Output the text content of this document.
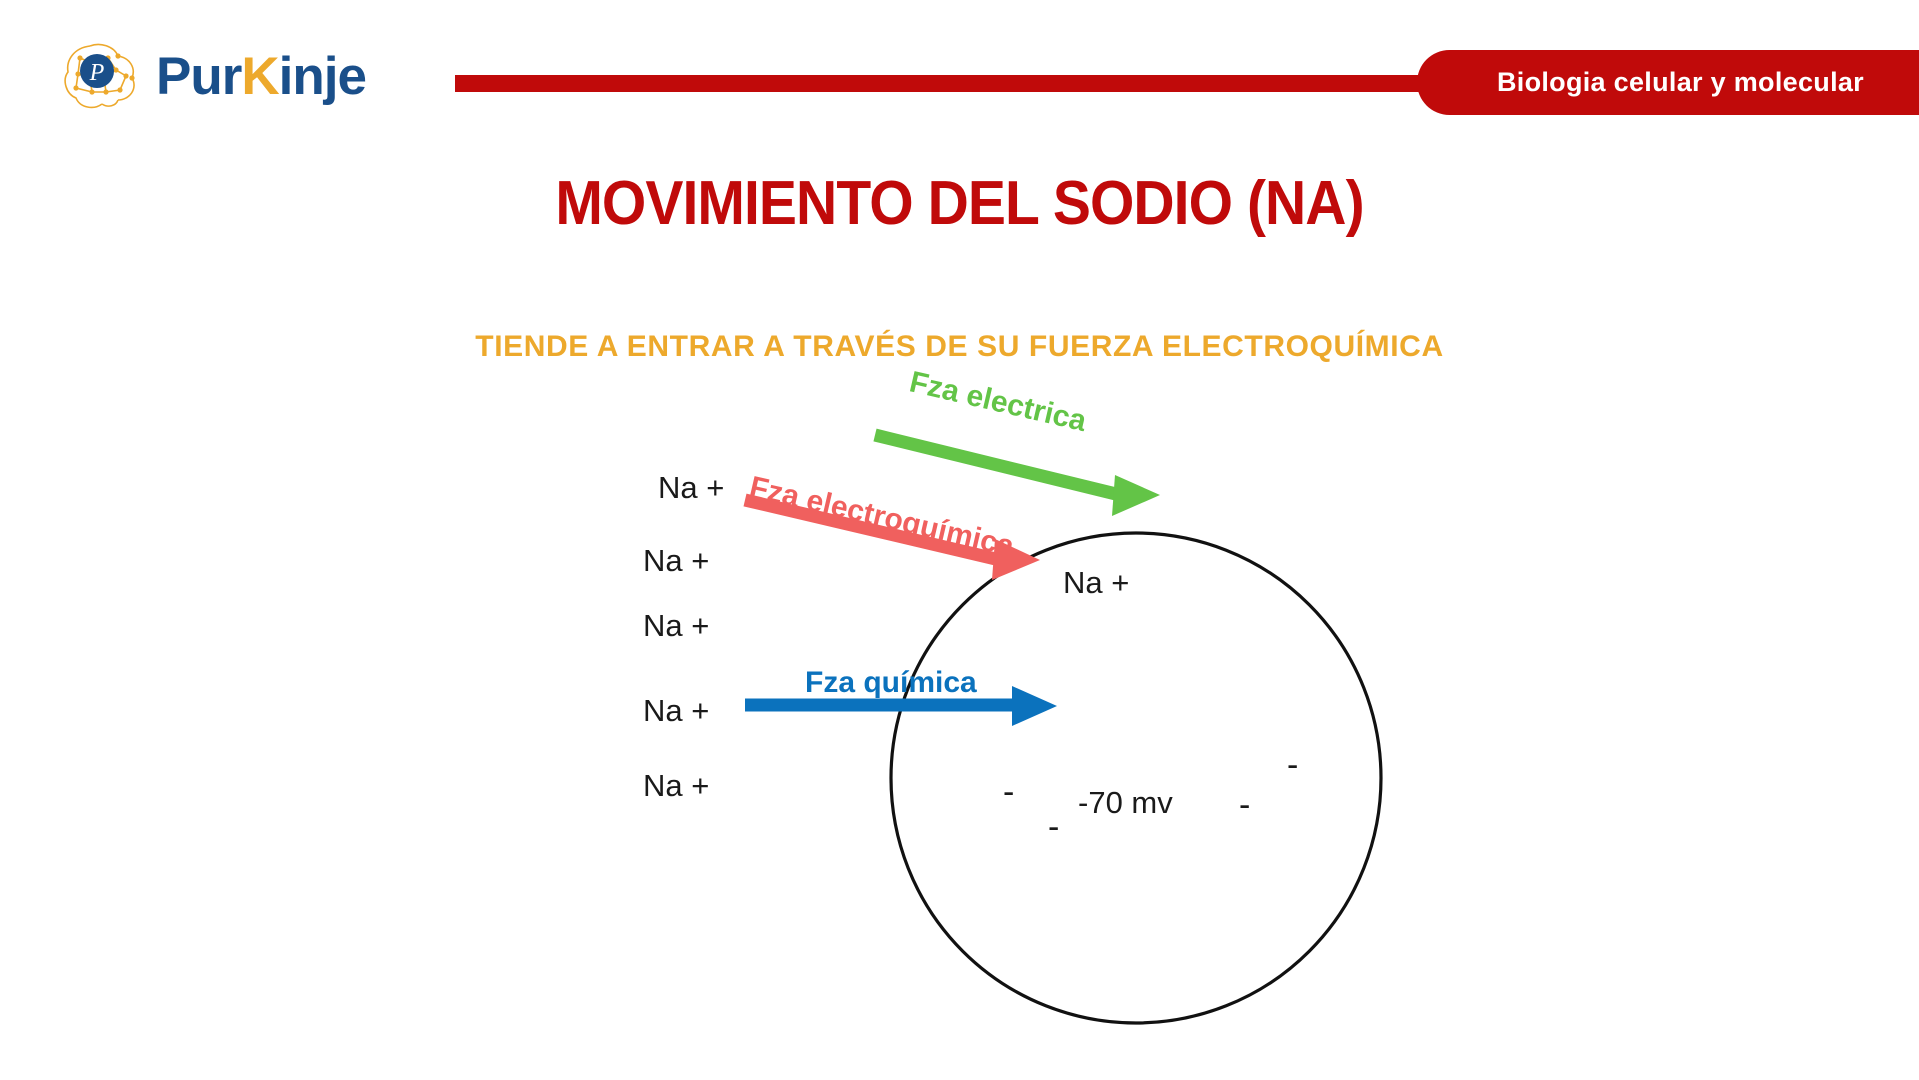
P PurKinje	Biologia celular y molecular
MOVIMIENTO DEL SODIO (NA)
TIENDE A ENTRAR A TRAVÉS DE SU FUERZA ELECTROQUÍMICA
Fza electrica
Fza electroquímica
Fza química
Na +
Na +
Na +
Na +
Na +
Na +
-
-
-
-
-70 mv
